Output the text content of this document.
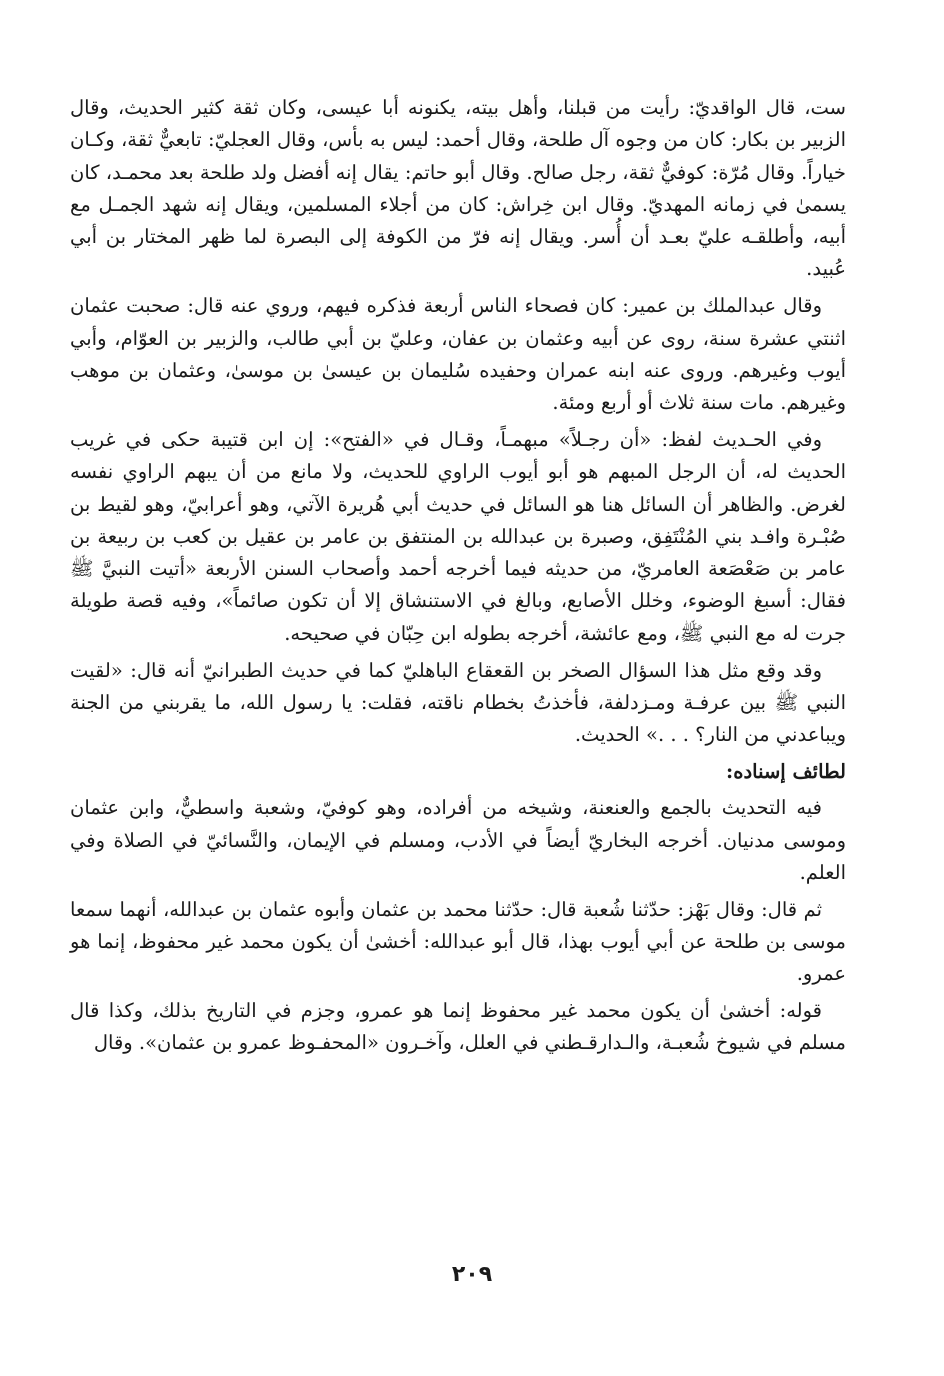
ست، قال الواقديّ: رأيت من قبلنا، وأهل بيته، يكنونه أبا عيسى، وكان ثقة كثير الحديث، وقال الزبير بن بكار: كان من وجوه آل طلحة، وقال أحمد: ليس به بأس، وقال العجليّ: تابعيٌّ ثقة، وكـان خياراً. وقال مُرّة: كوفيٌّ ثقة، رجل صالح. وقال أبو حاتم: يقال إنه أفضل ولد طلحة بعد محمـد، كان يسمىٰ في زمانه المهديّ. وقال ابن خِراش: كان من أجلاء المسلمين، ويقال إنه شهد الجمـل مع أبيه، وأطلقـه عليّ بعـد أن أُسر. ويقال إنه فرّ من الكوفة إلى البصرة لما ظهر المختار بن أبي عُبيد.

وقال عبدالملك بن عمير: كان فصحاء الناس أربعة فذكره فيهم، وروي عنه قال: صحبت عثمان اثنتي عشرة سنة، روى عن أبيه وعثمان بن عفان، وعليّ بن أبي طالب، والزبير بن العوّام، وأبي أيوب وغيرهم. وروى عنه ابنه عمران وحفيده سُليمان بن عيسىٰ بن موسىٰ، وعثمان بن موهب وغيرهم. مات سنة ثلاث أو أربع ومئة.

وفي الحـديث لفظ: «أن رجـلاً» مبهمـاً، وقـال في «الفتح»: إن ابن قتيبة حكى في غريب الحديث له، أن الرجل المبهم هو أبو أيوب الراوي للحديث، ولا مانع من أن يبهم الراوي نفسه لغرض. والظاهر أن السائل هنا هو السائل في حديث أبي هُريرة الآتي، وهو أعرابيّ، وهو لقيط بن صُبْـرة وافـد بني المُنْتَفِق، وصبرة بن عبدالله بن المنتفق بن عامر بن عقيل بن كعب بن ربيعة بن عامر بن صَعْصَعة العامريّ، من حديثه فيما أخرجه أحمد وأصحاب السنن الأربعة «أتيت النبيَّ ﷺ فقال: أسبغ الوضوء، وخلل الأصابع، وبالغ في الاستنشاق إلا أن تكون صائماً»، وفيه قصة طويلة جرت له مع النبي ﷺ، ومع عائشة، أخرجه بطوله ابن حِبّان في صحيحه.

وقد وقع مثل هذا السؤال الصخر بن القعقاع الباهليّ كما في حديث الطبرانيّ أنه قال: «لقيت النبي ﷺ بين عرفـة ومـزدلفة، فأخذتُ بخطام ناقته، فقلت: يا رسول الله، ما يقربني من الجنة ويباعدني من النار؟ . . .» الحديث.

لطائف إسناده:

فيه التحديث بالجمع والعنعنة، وشيخه من أفراده، وهو كوفيّ، وشعبة واسطيٌّ، وابن عثمان وموسى مدنيان. أخرجه البخاريّ أيضاً في الأدب، ومسلم في الإيمان، والنَّسائيّ في الصلاة وفي العلم.

ثم قال: وقال بَهْز: حدّثنا شُعبة قال: حدّثنا محمد بن عثمان وأبوه عثمان بن عبدالله، أنهما سمعا موسى بن طلحة عن أبي أيوب بهذا، قال أبو عبدالله: أخشىٰ أن يكون محمد غير محفوظ، إنما هو عمرو.

قوله: أخشىٰ أن يكون محمد غير محفوظ إنما هو عمرو، وجزم في التاريخ بذلك، وكذا قال مسلم في شيوخ شُعبـة، والـدارقـطني في العلل، وآخـرون «المحفـوظ عمرو بن عثمان». وقال

٢٠٩
